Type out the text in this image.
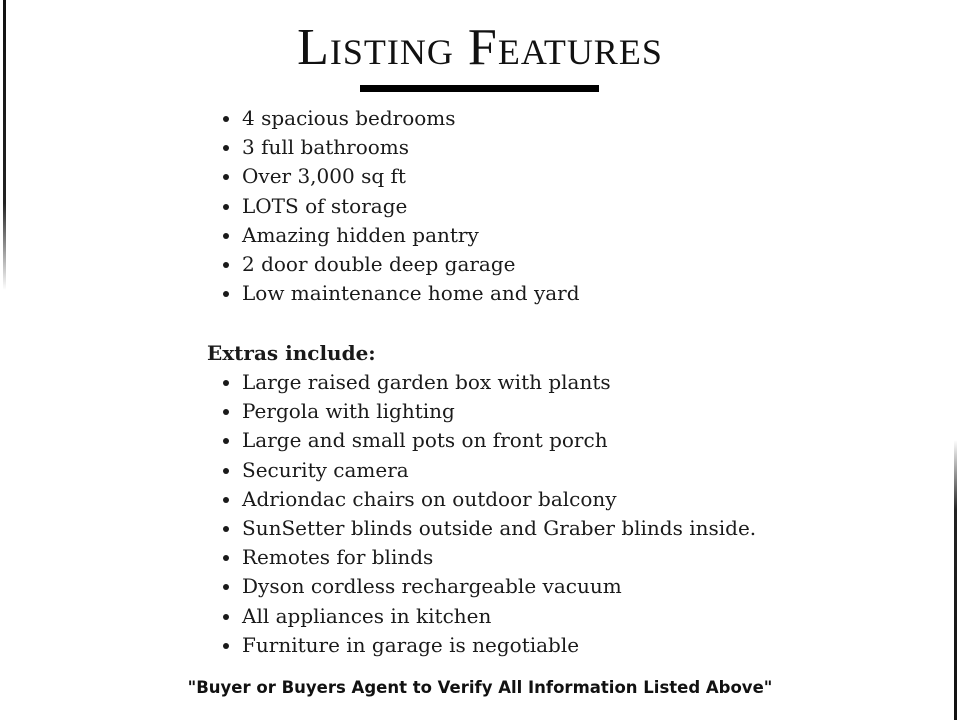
Listing Features
• 4 spacious bedrooms
• 3 full bathrooms
• Over 3,000 sq ft
• LOTS of storage
• Amazing hidden pantry
• 2 door double deep garage
• Low maintenance home and yard
Extras include:
• Large raised garden box with plants
• Pergola with lighting
• Large and small pots on front porch
• Security camera
• Adriondac chairs on outdoor balcony
• SunSetter blinds outside and Graber blinds inside.
• Remotes for blinds
• Dyson cordless rechargeable vacuum
• All appliances in kitchen
• Furniture in garage is negotiable
"Buyer or Buyers Agent to Verify All Information Listed Above"
